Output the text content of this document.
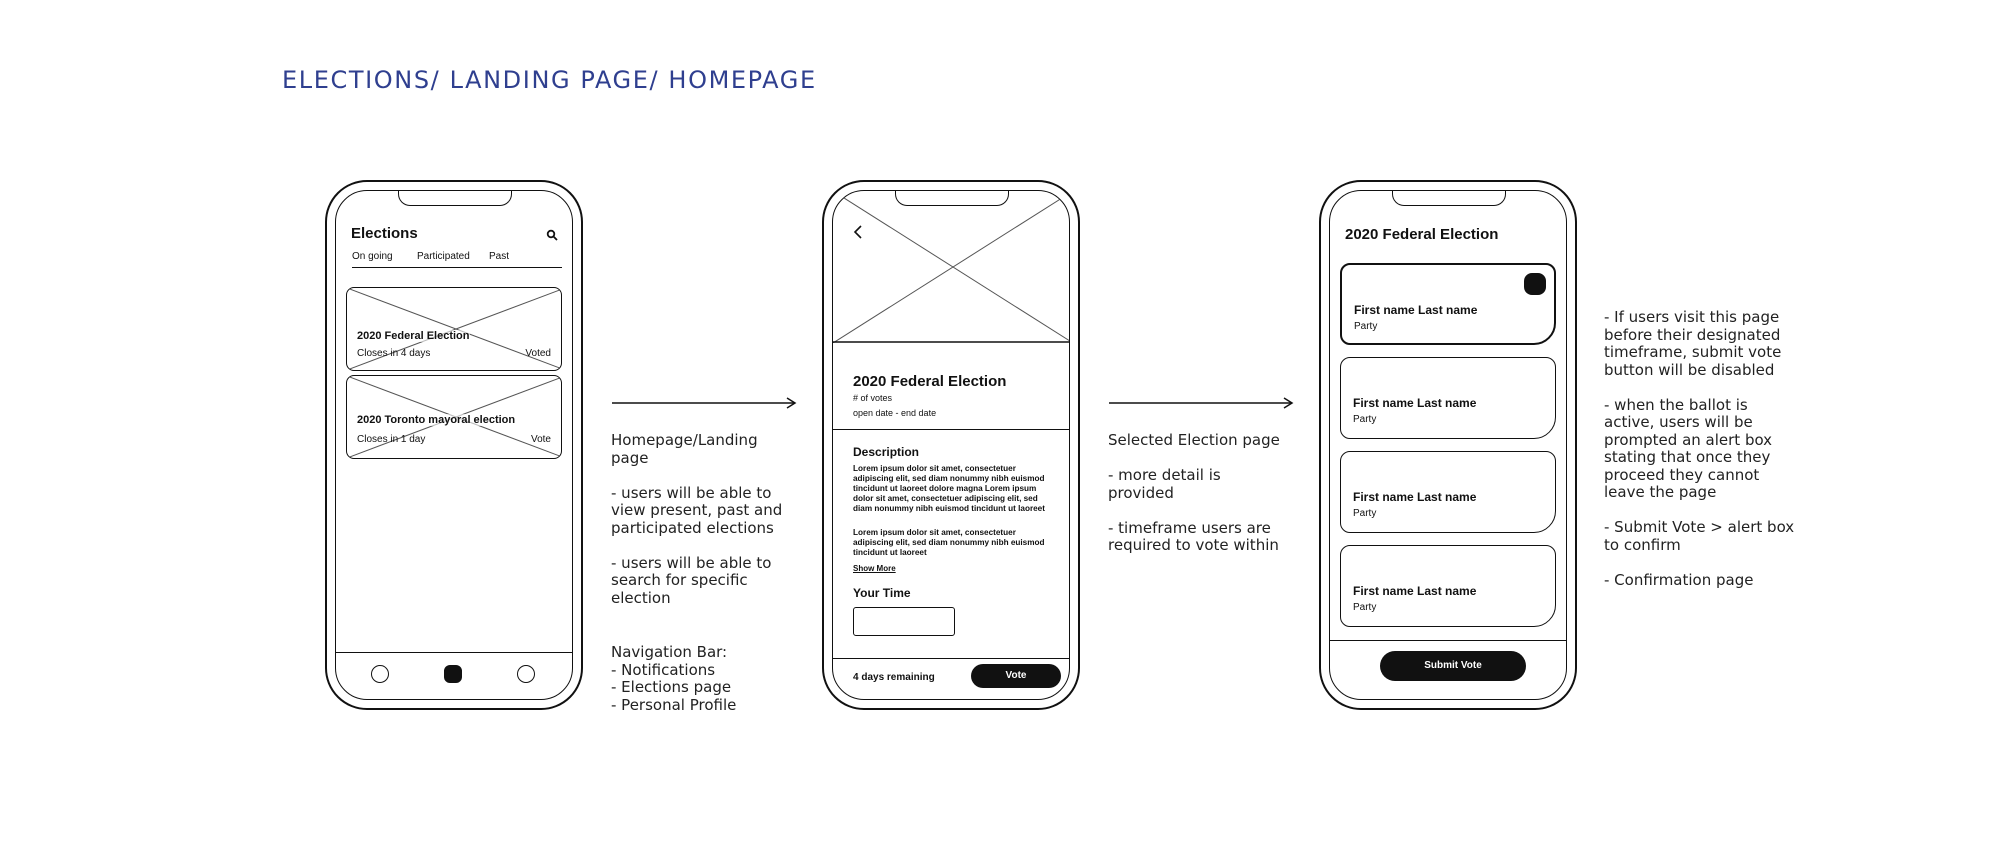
ELECTIONS/ LANDING PAGE/ HOMEPAGE
Elections
On going Participated Past
2020 Federal Election
Closes in 4 days	Voted
2020 Toronto mayoral election
Closes in 1 day	Vote	Homepage/Landing

page

- users will be able to

view present, past and

participated elections

- users will be able to

search for specific

election

Navigation Bar:

- Notifications

- Elections page

- Personal Profile

2020 Federal Election
# of votes
open date - end date
Description
Lorem ipsum dolor sit amet, consectetuer adipiscing elit, sed diam nonummy nibh euismod tincidunt ut laoreet dolore magna Lorem ipsum dolor sit amet, consectetuer adipiscing elit, sed diam nonummy nibh euismod tincidunt ut laoreet
Lorem ipsum dolor sit amet, consectetuer adipiscing elit, sed diam nonummy nibh euismod tincidunt ut laoreet
Show More
Your Time
4 days remaining	Vote

Selected Election page

- more detail is

provided

- timeframe users are

required to vote within

2020 Federal Election
First name Last name
Party
First name Last name
Party
First name Last name
Party
First name Last name
Party
Submit Vote

- If users visit this page

before their designated

timeframe, submit vote

button will be disabled

- when the ballot is

active, users will be

prompted an alert box

stating that once they

proceed they cannot

leave the page

- Submit Vote > alert box

to confirm

- Confirmation page
